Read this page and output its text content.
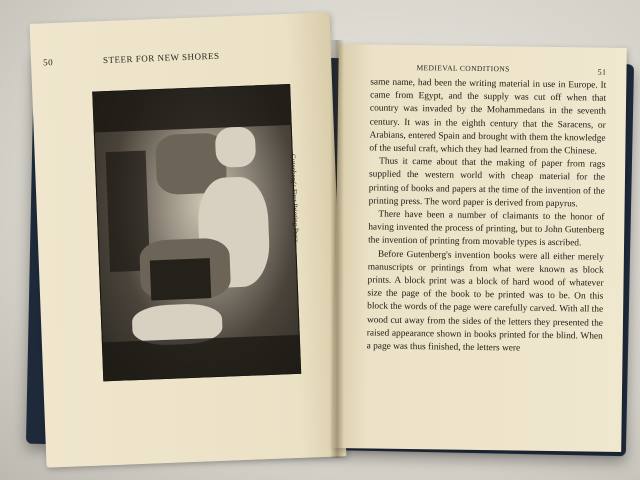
50	STEER FOR NEW SHORES
Gutenberg's First Printing Press
MEDIEVAL CONDITIONS	51

same name, had been the writing material in use in Europe. It came from Egypt, and the supply was cut off when that country was invaded by the Mohammedans in the seventh century. It was in the eighth century that the Saracens, or Arabians, entered Spain and brought with them the knowledge of the useful craft, which they had learned from the Chinese.

Thus it came about that the making of paper from rags supplied the western world with cheap material for the printing of books and papers at the time of the invention of the printing press. The word paper is derived from papyrus.

There have been a number of claimants to the honor of having invented the process of printing, but to John Gutenberg the invention of printing from movable types is ascribed.

Before Gutenberg's invention books were all either merely manuscripts or printings from what were known as block prints. A block print was a block of hard wood of whatever size the page of the book to be printed was to be. On this block the words of the page were carefully carved. With all the wood cut away from the sides of the letters they presented the raised appearance shown in books printed for the blind. When a page was thus finished, the letters were
